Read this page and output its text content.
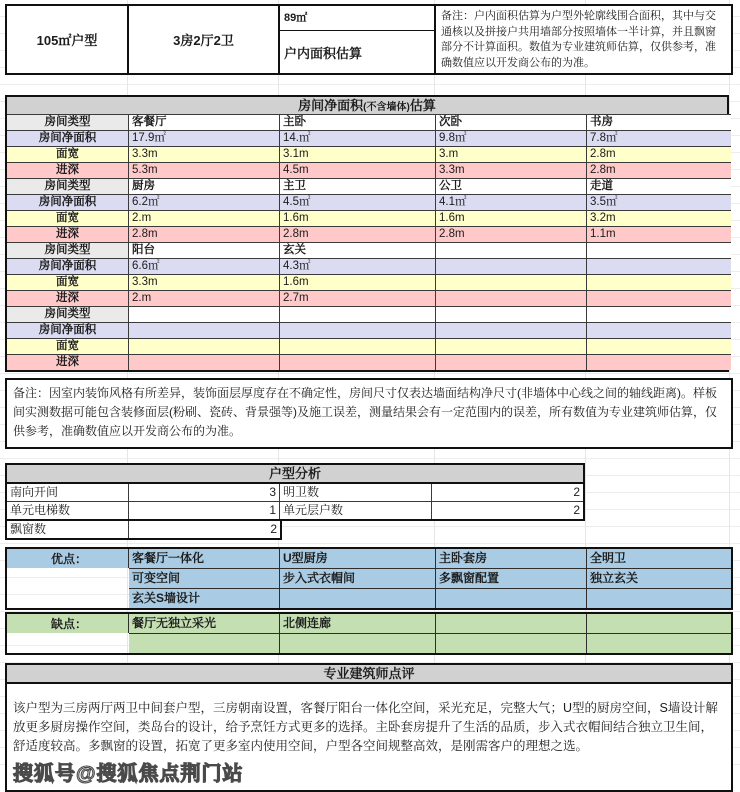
105㎡户型	3房2厅2卫
89㎡
户内面积估算
备注：户内面积估算为户型外轮廓线围合面积，其中与交通核以及拼接户共用墙部分按照墙体一半计算，并且飘窗部分不计算面积。数值为专业建筑师估算，仅供参考，准确数值应以开发商公布的为准。
房间净面积(不含墙体)估算
房间类型	客餐厅	主卧	次卧	书房
房间净面积	17.9㎡	14.㎡	9.8㎡	7.8㎡
面宽	3.3m	3.1m	3.m	2.8m
进深	5.3m	4.5m	3.3m	2.8m
房间类型	厨房	主卫	公卫	走道
房间净面积	6.2㎡	4.5㎡	4.1㎡	3.5㎡
面宽	2.m	1.6m	1.6m	3.2m
进深	2.8m	2.8m	2.8m	1.1m
房间类型	阳台	玄关
房间净面积	6.6㎡	4.3㎡
面宽	3.3m	1.6m
进深	2.m	2.7m
房间类型
房间净面积
面宽
进深
备注：因室内装饰风格有所差异，装饰面层厚度存在不确定性，房间尺寸仅表达墙面结构净尺寸(非墙体中心线之间的轴线距离)。样板间实测数据可能包含装修面层(粉刷、瓷砖、背景强等)及施工误差，测量结果会有一定范围内的误差，所有数值为专业建筑师估算，仅供参考，准确数值应以开发商公布的为准。
户型分析
南向开间	3 明卫数	2
单元电梯数	1 单元层户数	2
飘窗数	2
优点：	客餐厅一体化	U型厨房	主卧套房	全明卫
可变空间	步入式衣帽间	多飘窗配置	独立玄关
玄关S墙设计
缺点：	餐厅无独立采光	北侧连廊
专业建筑师点评
该户型为三房两厅两卫中间套户型，三房朝南设置，客餐厅阳台一体化空间，采光充足，完整大气；U型的厨房空间，S墙设计解放更多厨房操作空间，类岛台的设计，给予烹饪方式更多的选择。主卧套房提升了生活的品质，步入式衣帽间结合独立卫生间，舒适度较高。多飘窗的设置，拓宽了更多室内使用空间，户型各空间规整高效，是刚需客户的理想之选。
搜狐号@搜狐焦点荆门站
